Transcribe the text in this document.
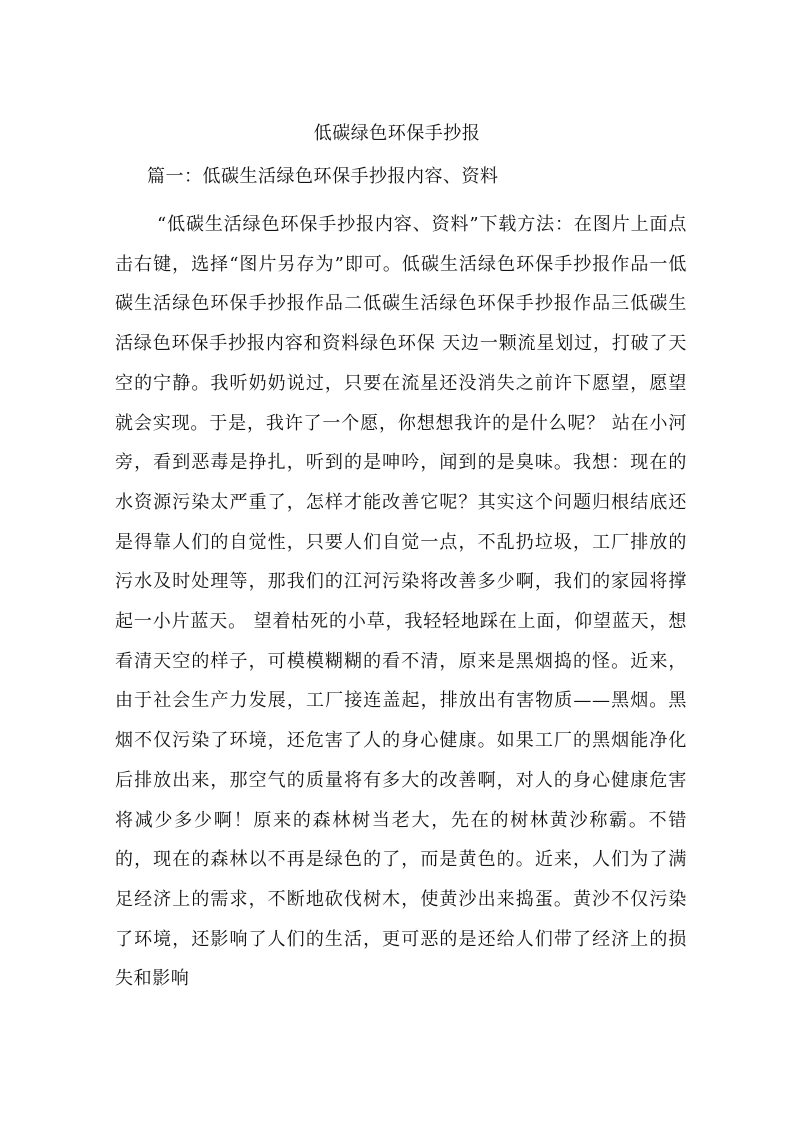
低碳绿色环保手抄报
篇一：低碳生活绿色环保手抄报内容、资料

“低碳生活绿色环保手抄报内容、资料”下载方法：在图片上面点击右键，选择“图片另存为”即可。低碳生活绿色环保手抄报作品一低碳生活绿色环保手抄报作品二低碳生活绿色环保手抄报作品三低碳生活绿色环保手抄报内容和资料绿色环保 天边一颗流星划过，打破了天空的宁静。我听奶奶说过，只要在流星还没消失之前许下愿望，愿望就会实现。于是，我许了一个愿，你想想我许的是什么呢？ 站在小河旁，看到恶毒是挣扎，听到的是呻吟，闻到的是臭味。我想：现在的水资源污染太严重了，怎样才能改善它呢？其实这个问题归根结底还是得靠人们的自觉性，只要人们自觉一点，不乱扔垃圾，工厂排放的污水及时处理等，那我们的江河污染将改善多少啊，我们的家园将撑起一小片蓝天。 望着枯死的小草，我轻轻地踩在上面，仰望蓝天，想看清天空的样子，可模模糊糊的看不清，原来是黑烟捣的怪。近来，由于社会生产力发展，工厂接连盖起，排放出有害物质——黑烟。黑烟不仅污染了环境，还危害了人的身心健康。如果工厂的黑烟能净化后排放出来，那空气的质量将有多大的改善啊，对人的身心健康危害将减少多少啊！原来的森林树当老大，先在的树林黄沙称霸。不错的，现在的森林以不再是绿色的了，而是黄色的。近来，人们为了满足经济上的需求，不断地砍伐树木，使黄沙出来捣蛋。黄沙不仅污染了环境，还影响了人们的生活，更可恶的是还给人们带了经济上的损失和影响
